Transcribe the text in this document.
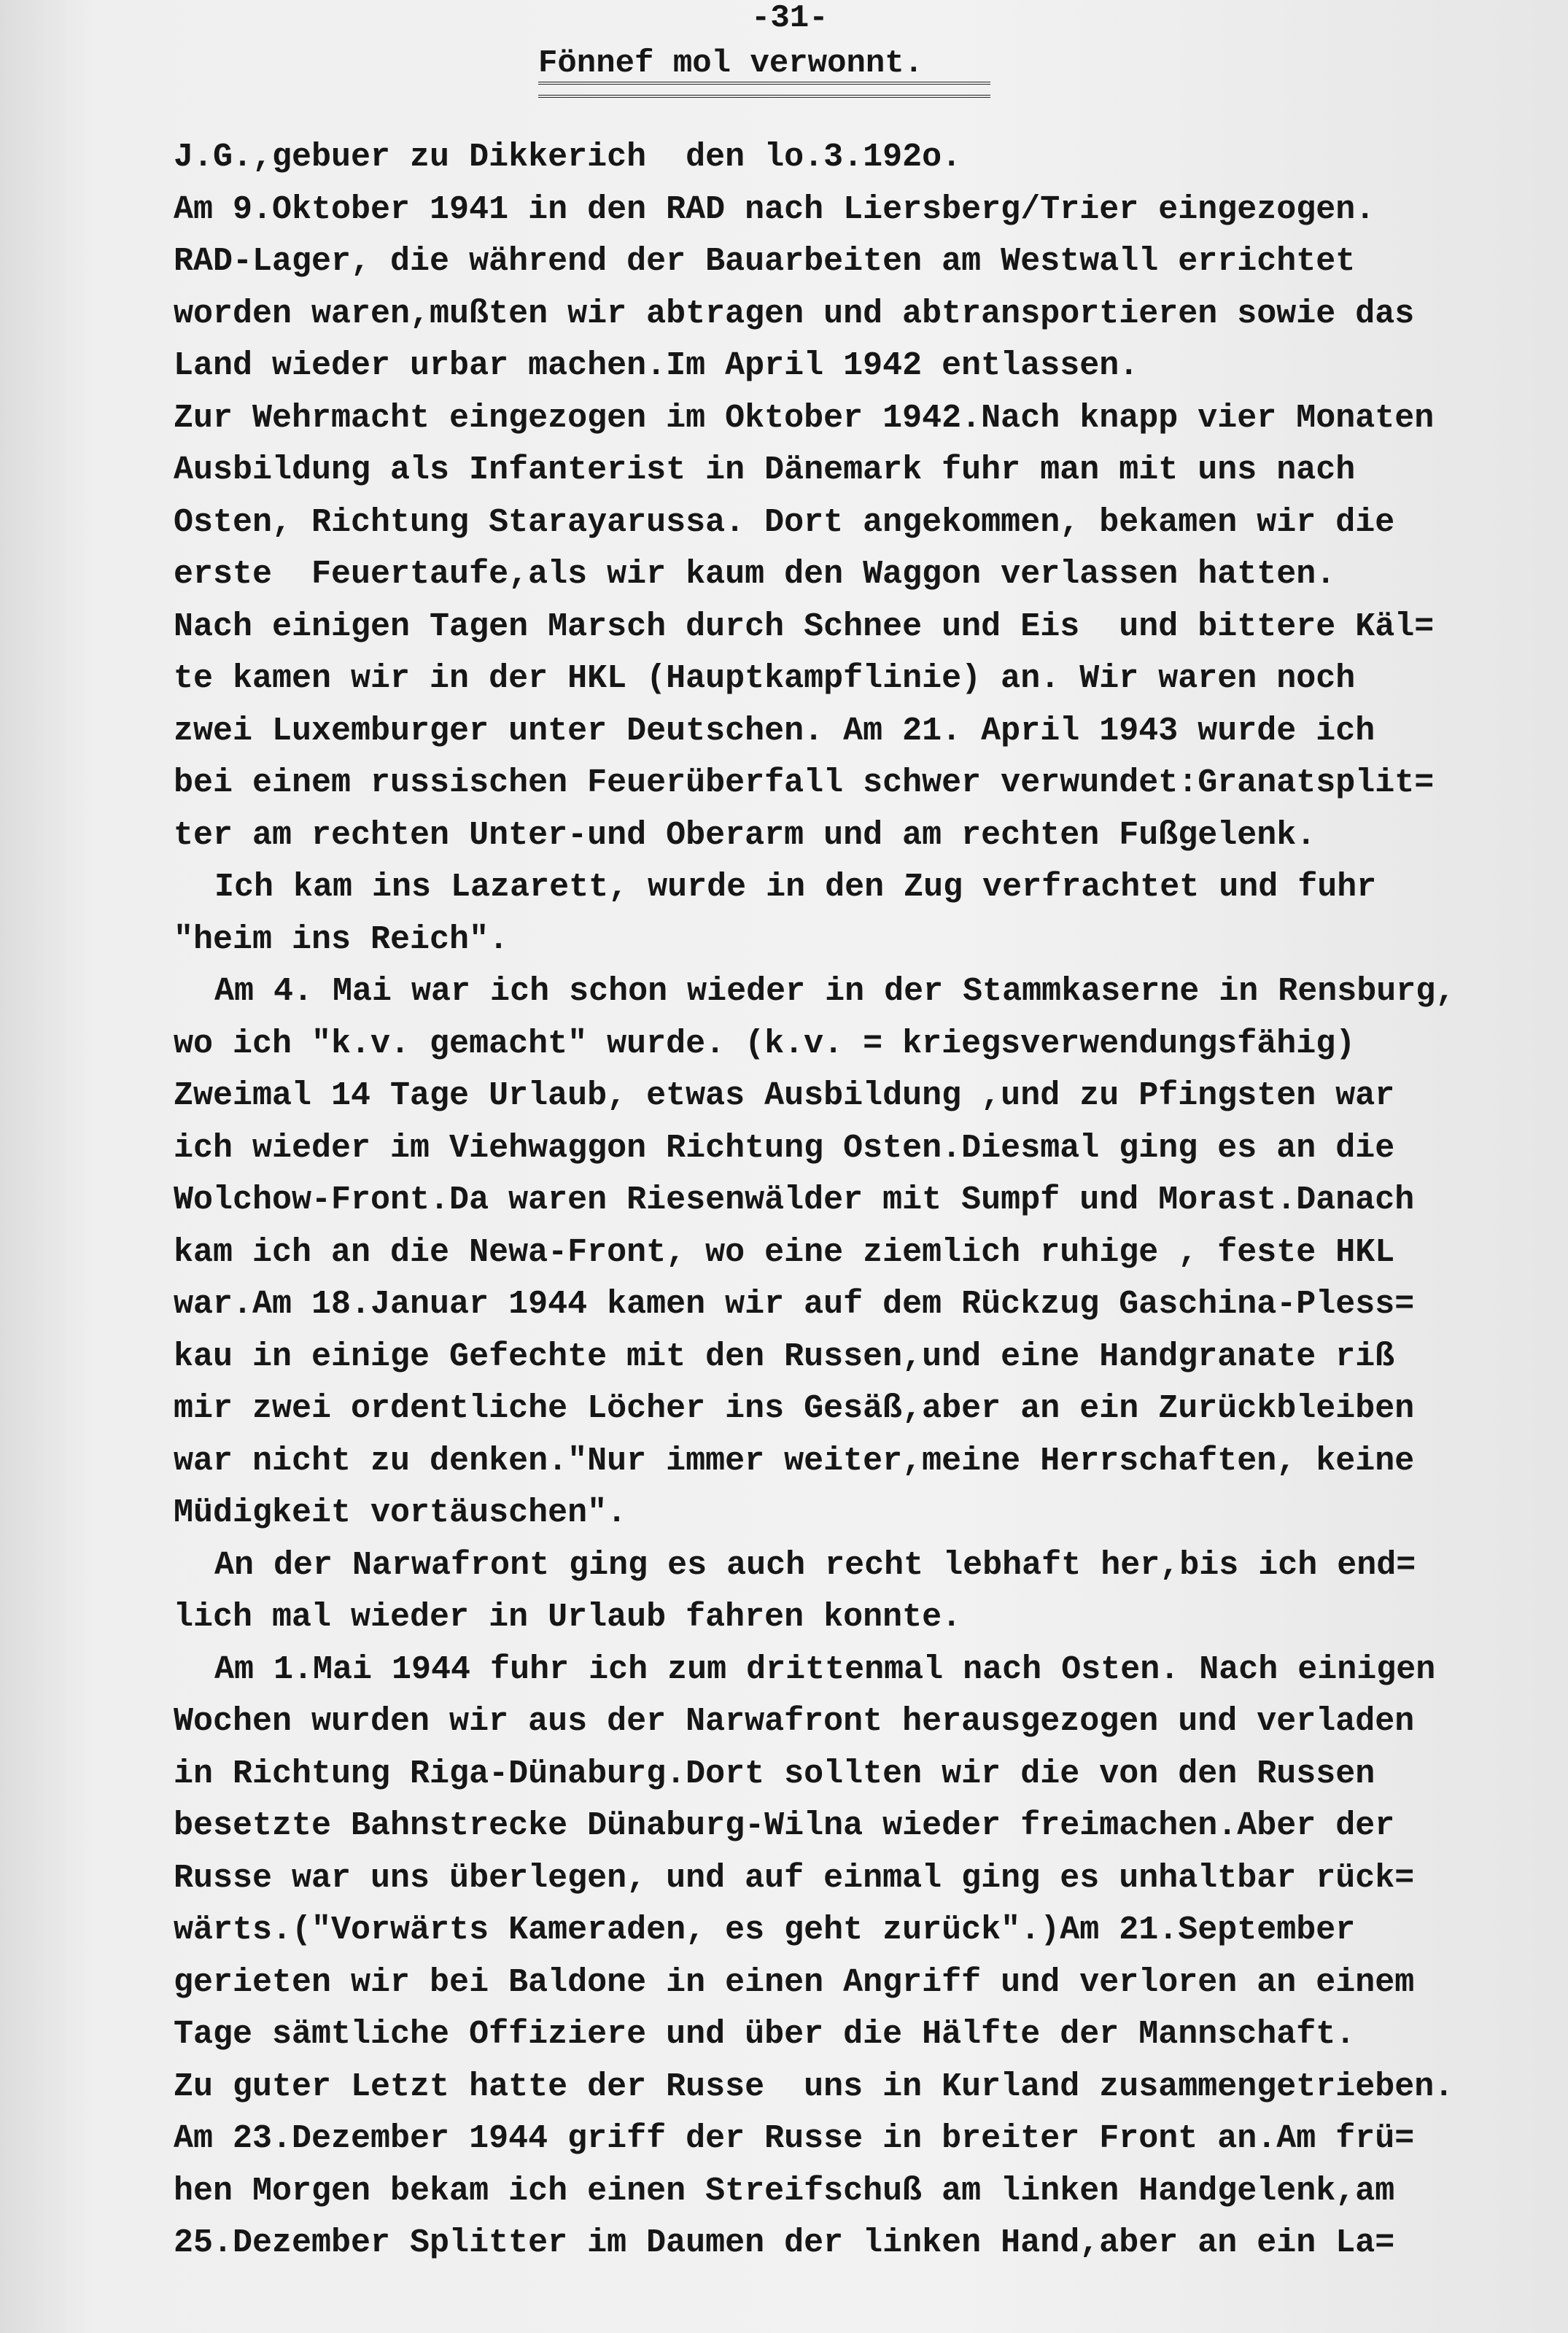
-31-
Fönnef mol verwonnt.
J.G.,gebuer zu Dikkerich  den lo.3.192o.
Am 9.Oktober 1941 in den RAD nach Liersberg/Trier eingezogen.
RAD-Lager, die während der Bauarbeiten am Westwall errichtet
worden waren,mußten wir abtragen und abtransportieren sowie das
Land wieder urbar machen.Im April 1942 entlassen.
Zur Wehrmacht eingezogen im Oktober 1942.Nach knapp vier Monaten
Ausbildung als Infanterist in Dänemark fuhr man mit uns nach
Osten, Richtung Starayarussa. Dort angekommen, bekamen wir die
erste  Feuertaufe,als wir kaum den Waggon verlassen hatten.
Nach einigen Tagen Marsch durch Schnee und Eis  und bittere Käl=
te kamen wir in der HKL (Hauptkampflinie) an. Wir waren noch
zwei Luxemburger unter Deutschen. Am 21. April 1943 wurde ich
bei einem russischen Feuerüberfall schwer verwundet:Granatsplit=
ter am rechten Unter-und Oberarm und am rechten Fußgelenk.
Ich kam ins Lazarett, wurde in den Zug verfrachtet und fuhr
"heim ins Reich".
Am 4. Mai war ich schon wieder in der Stammkaserne in Rensburg,
wo ich "k.v. gemacht" wurde. (k.v. = kriegsverwendungsfähig)
Zweimal 14 Tage Urlaub, etwas Ausbildung ,und zu Pfingsten war
ich wieder im Viehwaggon Richtung Osten.Diesmal ging es an die
Wolchow-Front.Da waren Riesenwälder mit Sumpf und Morast.Danach
kam ich an die Newa-Front, wo eine ziemlich ruhige , feste HKL
war.Am 18.Januar 1944 kamen wir auf dem Rückzug Gaschina-Pless=
kau in einige Gefechte mit den Russen,und eine Handgranate riß
mir zwei ordentliche Löcher ins Gesäß,aber an ein Zurückbleiben
war nicht zu denken."Nur immer weiter,meine Herrschaften, keine
Müdigkeit vortäuschen".
An der Narwafront ging es auch recht lebhaft her,bis ich end=
lich mal wieder in Urlaub fahren konnte.
Am 1.Mai 1944 fuhr ich zum drittenmal nach Osten. Nach einigen
Wochen wurden wir aus der Narwafront herausgezogen und verladen
in Richtung Riga-Dünaburg.Dort sollten wir die von den Russen
besetzte Bahnstrecke Dünaburg-Wilna wieder freimachen.Aber der
Russe war uns überlegen, und auf einmal ging es unhaltbar rück=
wärts.("Vorwärts Kameraden, es geht zurück".)Am 21.September
gerieten wir bei Baldone in einen Angriff und verloren an einem
Tage sämtliche Offiziere und über die Hälfte der Mannschaft.
Zu guter Letzt hatte der Russe  uns in Kurland zusammengetrieben.
Am 23.Dezember 1944 griff der Russe in breiter Front an.Am frü=
hen Morgen bekam ich einen Streifschuß am linken Handgelenk,am
25.Dezember Splitter im Daumen der linken Hand,aber an ein La=
